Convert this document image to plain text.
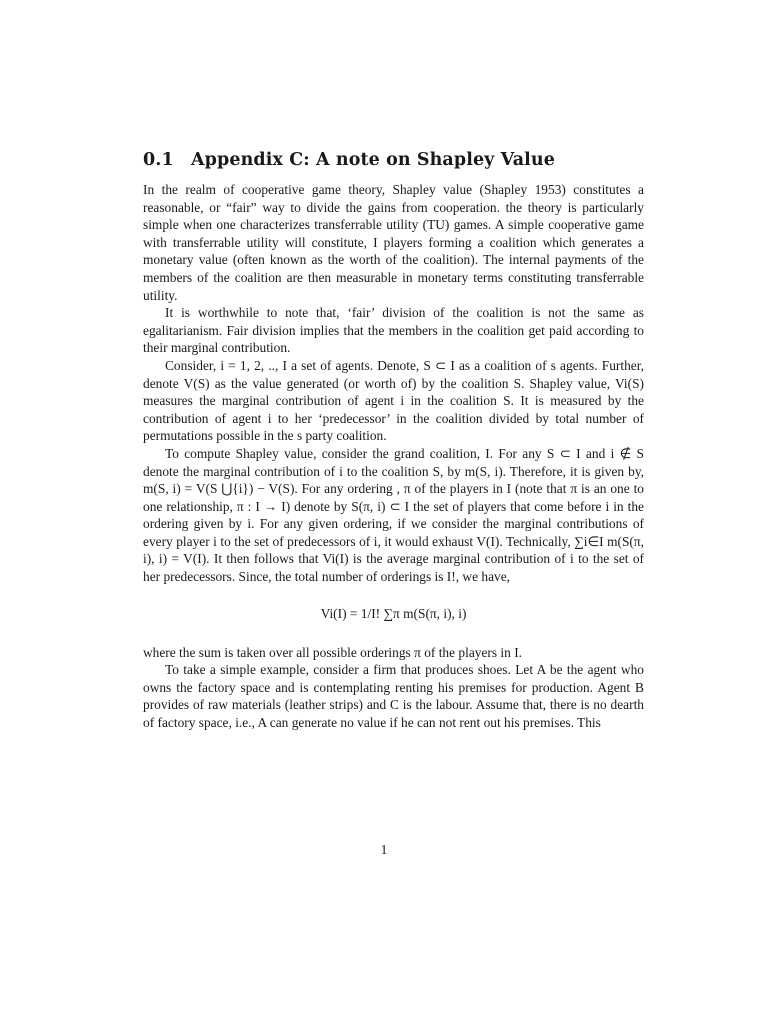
0.1 Appendix C: A note on Shapley Value

In the realm of cooperative game theory, Shapley value (Shapley 1953) constitutes a reasonable, or “fair” way to divide the gains from cooperation. the theory is particularly simple when one characterizes transferrable utility (TU) games. A simple cooperative game with transferrable utility will constitute, I players forming a coalition which generates a monetary value (often known as the worth of the coalition). The internal payments of the members of the coalition are then measurable in monetary terms constituting transferrable utility.

It is worthwhile to note that, ‘fair’ division of the coalition is not the same as egalitarianism. Fair division implies that the members in the coalition get paid according to their marginal contribution.

Consider, i = 1, 2, .., I a set of agents. Denote, S ⊂ I as a coalition of s agents. Further, denote V(S) as the value generated (or worth of) by the coalition S. Shapley value, Vi(S) measures the marginal contribution of agent i in the coalition S. It is measured by the contribution of agent i to her ‘predecessor’ in the coalition divided by total number of permutations possible in the s party coalition.

To compute Shapley value, consider the grand coalition, I. For any S ⊂ I and i ∉ S denote the marginal contribution of i to the coalition S, by m(S, i). Therefore, it is given by, m(S, i) = V(S ⋃{i}) − V(S). For any ordering , π of the players in I (note that π is an one to one relationship, π : I → I) denote by S(π, i) ⊂ I the set of players that come before i in the ordering given by i. For any given ordering, if we consider the marginal contributions of every player i to the set of predecessors of i, it would exhaust V(I). Technically, ∑i∈I m(S(π, i), i) = V(I). It then follows that Vi(I) is the average marginal contribution of i to the set of her predecessors. Since, the total number of orderings is I!, we have,

Vi(I) = 1/I! ∑π m(S(π, i), i)

where the sum is taken over all possible orderings π of the players in I.

To take a simple example, consider a firm that produces shoes. Let A be the agent who owns the factory space and is contemplating renting his premises for production. Agent B provides of raw materials (leather strips) and C is the labour. Assume that, there is no dearth of factory space, i.e., A can generate no value if he can not rent out his premises. This

1
